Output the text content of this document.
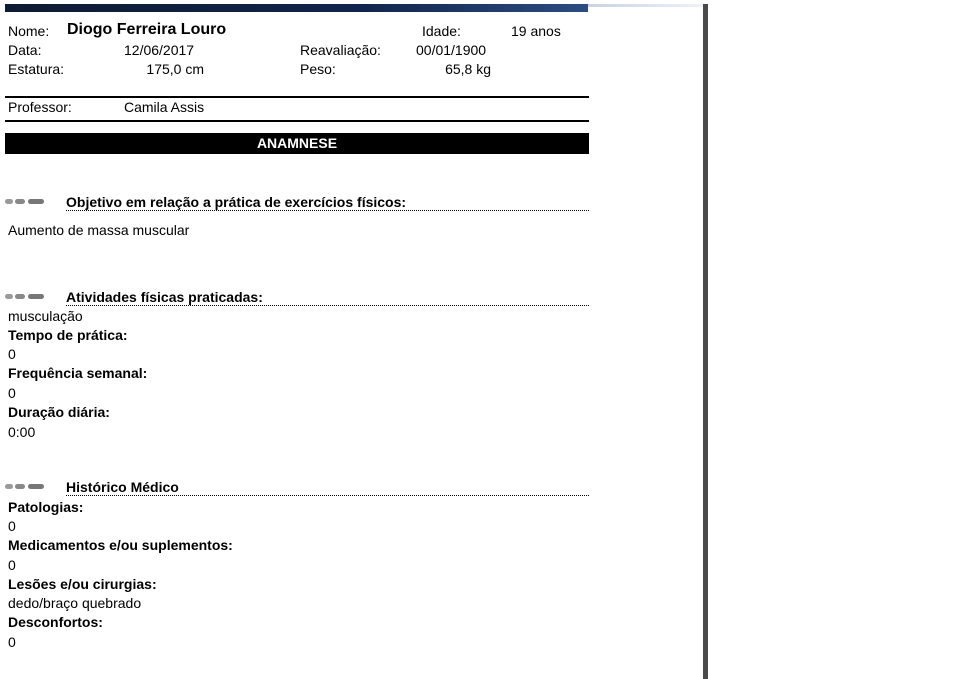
Nome: Diogo Ferreira Louro	Idade:	19 anos
Data:	12/06/2017	Reavaliação:	00/01/1900
Estatura:	175,0 cm	Peso:	65,8 kg
Professor:	Camila Assis
ANAMNESE
Objetivo em relação a prática de exercícios físicos:
Aumento de massa muscular
Atividades físicas praticadas:
musculação
Tempo de prática:
0
Frequência semanal:
0
Duração diária:
0:00
Histórico Médico
Patologias:
0
Medicamentos e/ou suplementos:
0
Lesões e/ou cirurgias:
dedo/braço quebrado
Desconfortos:
0
